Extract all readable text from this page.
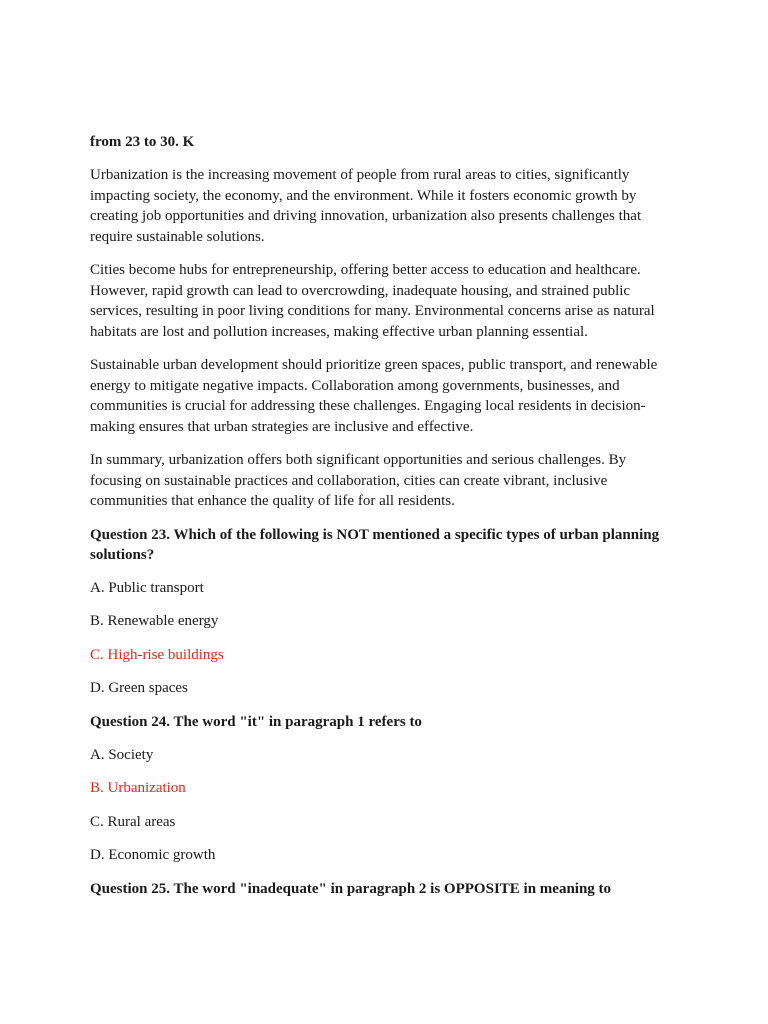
from 23 to 30. K

Urbanization is the increasing movement of people from rural areas to cities, significantly impacting society, the economy, and the environment. While it fosters economic growth by creating job opportunities and driving innovation, urbanization also presents challenges that require sustainable solutions.

Cities become hubs for entrepreneurship, offering better access to education and healthcare. However, rapid growth can lead to overcrowding, inadequate housing, and strained public services, resulting in poor living conditions for many. Environmental concerns arise as natural habitats are lost and pollution increases, making effective urban planning essential.

Sustainable urban development should prioritize green spaces, public transport, and renewable energy to mitigate negative impacts. Collaboration among governments, businesses, and communities is crucial for addressing these challenges. Engaging local residents in decision-making ensures that urban strategies are inclusive and effective.

In summary, urbanization offers both significant opportunities and serious challenges. By focusing on sustainable practices and collaboration, cities can create vibrant, inclusive communities that enhance the quality of life for all residents.

Question 23. Which of the following is NOT mentioned a specific types of urban planning solutions?

A. Public transport

B. Renewable energy

C. High-rise buildings

D. Green spaces

Question 24. The word "it" in paragraph 1 refers to

A. Society

B. Urbanization

C. Rural areas

D. Economic growth

Question 25. The word "inadequate" in paragraph 2 is OPPOSITE in meaning to
